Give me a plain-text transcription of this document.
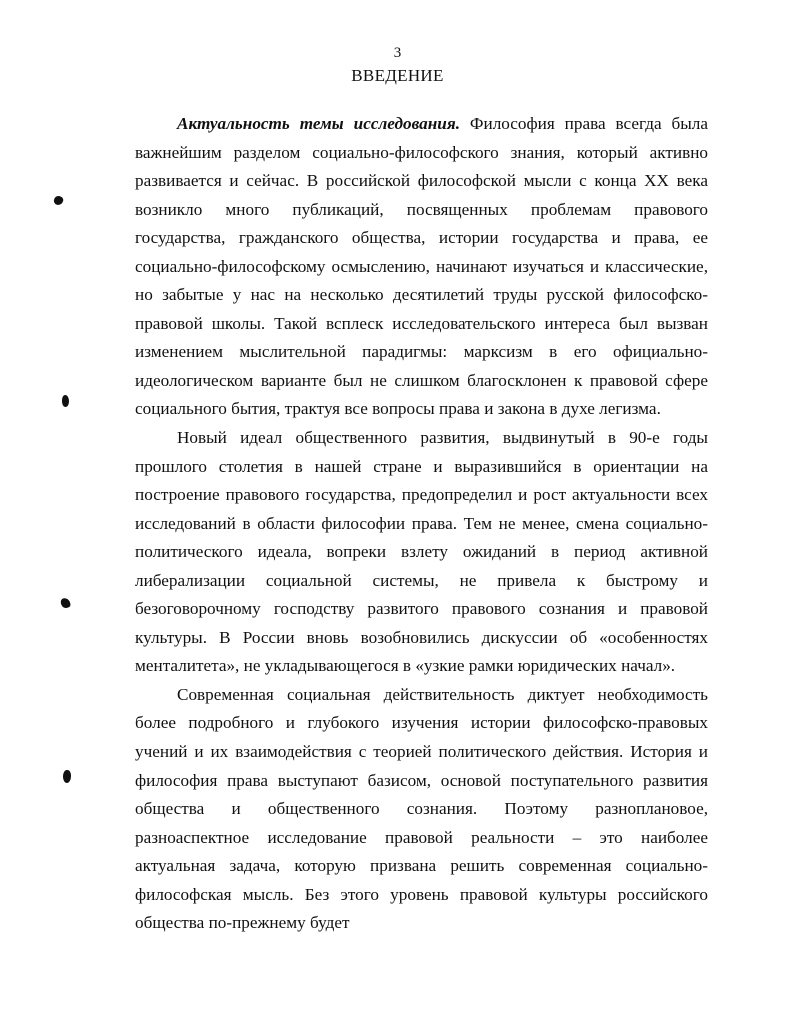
3
ВВЕДЕНИЕ

Актуальность темы исследования. Философия права всегда была важнейшим разделом социально-философского знания, который активно развивается и сейчас. В российской философской мысли с конца XX века возникло много публикаций, посвященных проблемам правового государства, гражданского общества, истории государства и права, ее социально-философскому осмыслению, начинают изучаться и классические, но забытые у нас на несколько десятилетий труды русской философско-правовой школы. Такой всплеск исследовательского интереса был вызван изменением мыслительной парадигмы: марксизм в его официально-идеологическом варианте был не слишком благосклонен к правовой сфере социального бытия, трактуя все вопросы права и закона в духе легизма.

Новый идеал общественного развития, выдвинутый в 90-е годы прошлого столетия в нашей стране и выразившийся в ориентации на построение правового государства, предопределил и рост актуальности всех исследований в области философии права. Тем не менее, смена социально-политического идеала, вопреки взлету ожиданий в период активной либерализации социальной системы, не привела к быстрому и безоговорочному господству развитого правового сознания и правовой культуры. В России вновь возобновились дискуссии об «особенностях менталитета», не укладывающегося в «узкие рамки юридических начал».

Современная социальная действительность диктует необходимость более подробного и глубокого изучения истории философско-правовых учений и их взаимодействия с теорией политического действия. История и философия права выступают базисом, основой поступательного развития общества и общественного сознания. Поэтому разноплановое, разноаспектное исследование правовой реальности – это наиболее актуальная задача, которую призвана решить современная социально-философская мысль. Без этого уровень правовой культуры российского общества по-прежнему будет
